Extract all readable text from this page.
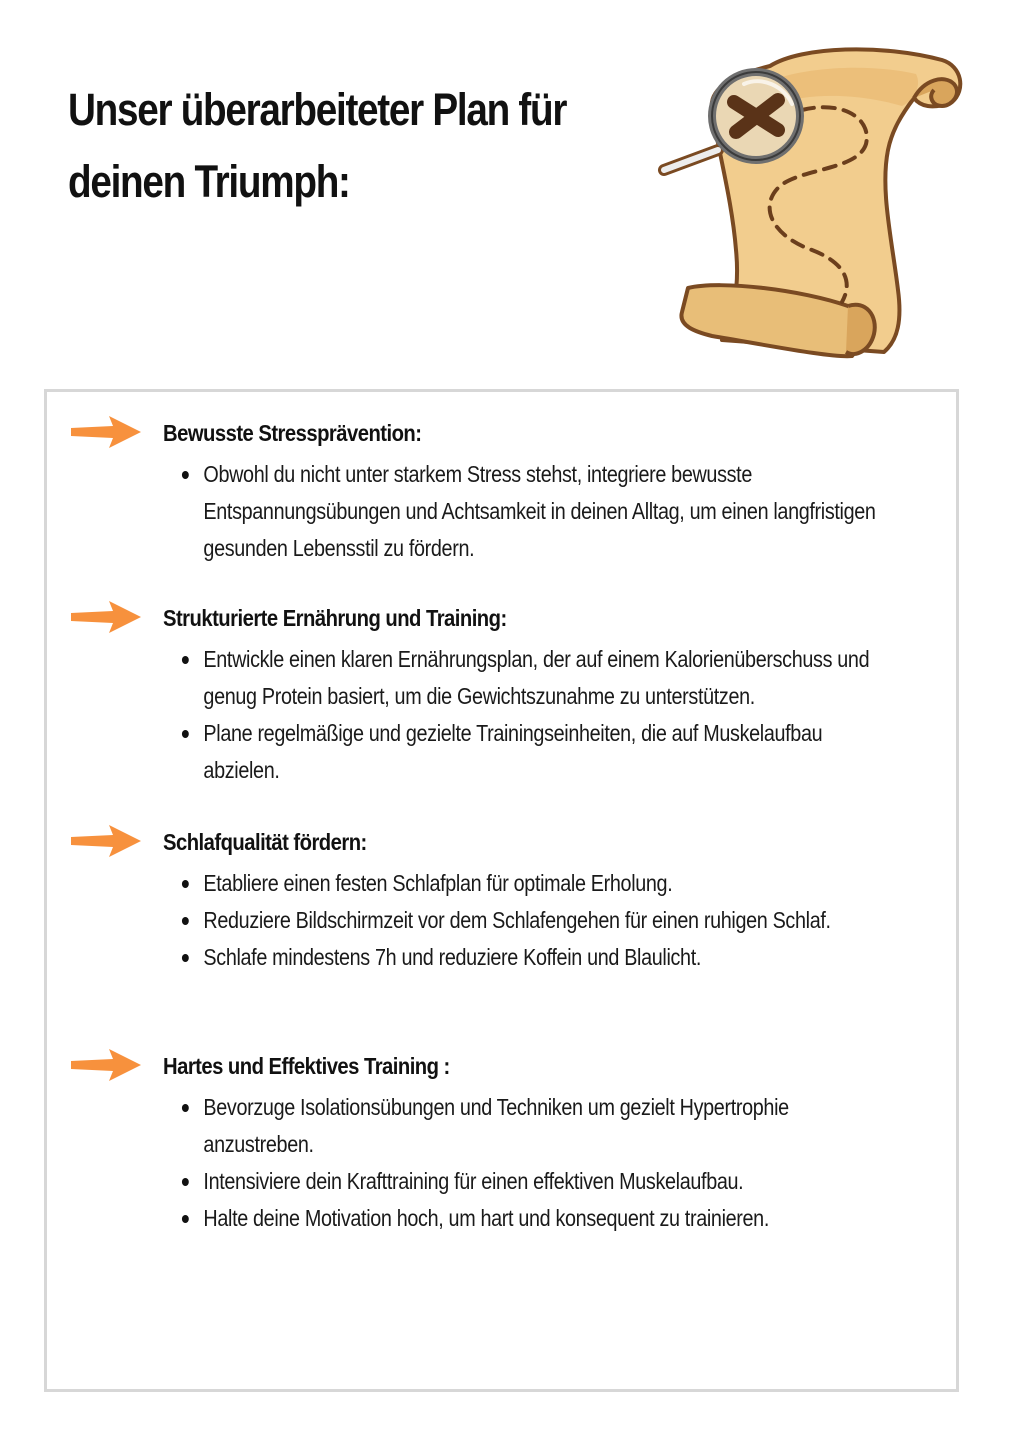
Unser überarbeiteter Plan für deinen Triumph:
Bewusste Stressprävention:
Obwohl du nicht unter starkem Stress stehst, integriere bewusste Entspannungsübungen und Achtsamkeit in deinen Alltag, um einen langfristigen gesunden Lebensstil zu fördern.
Strukturierte Ernährung und Training:
Entwickle einen klaren Ernährungsplan, der auf einem Kalorienüberschuss und genug Protein basiert, um die Gewichtszunahme zu unterstützen.
Plane regelmäßige und gezielte Trainingseinheiten, die auf Muskelaufbau abzielen.
Schlafqualität fördern:
Etabliere einen festen Schlafplan für optimale Erholung.
Reduziere Bildschirmzeit vor dem Schlafengehen für einen ruhigen Schlaf.
Schlafe mindestens 7h und reduziere Koffein und Blaulicht.
Hartes und Effektives Training :
Bevorzuge Isolationsübungen und Techniken um gezielt Hypertrophie anzustreben.
Intensiviere dein Krafttraining für einen effektiven Muskelaufbau.
Halte deine Motivation hoch, um hart und konsequent zu trainieren.
